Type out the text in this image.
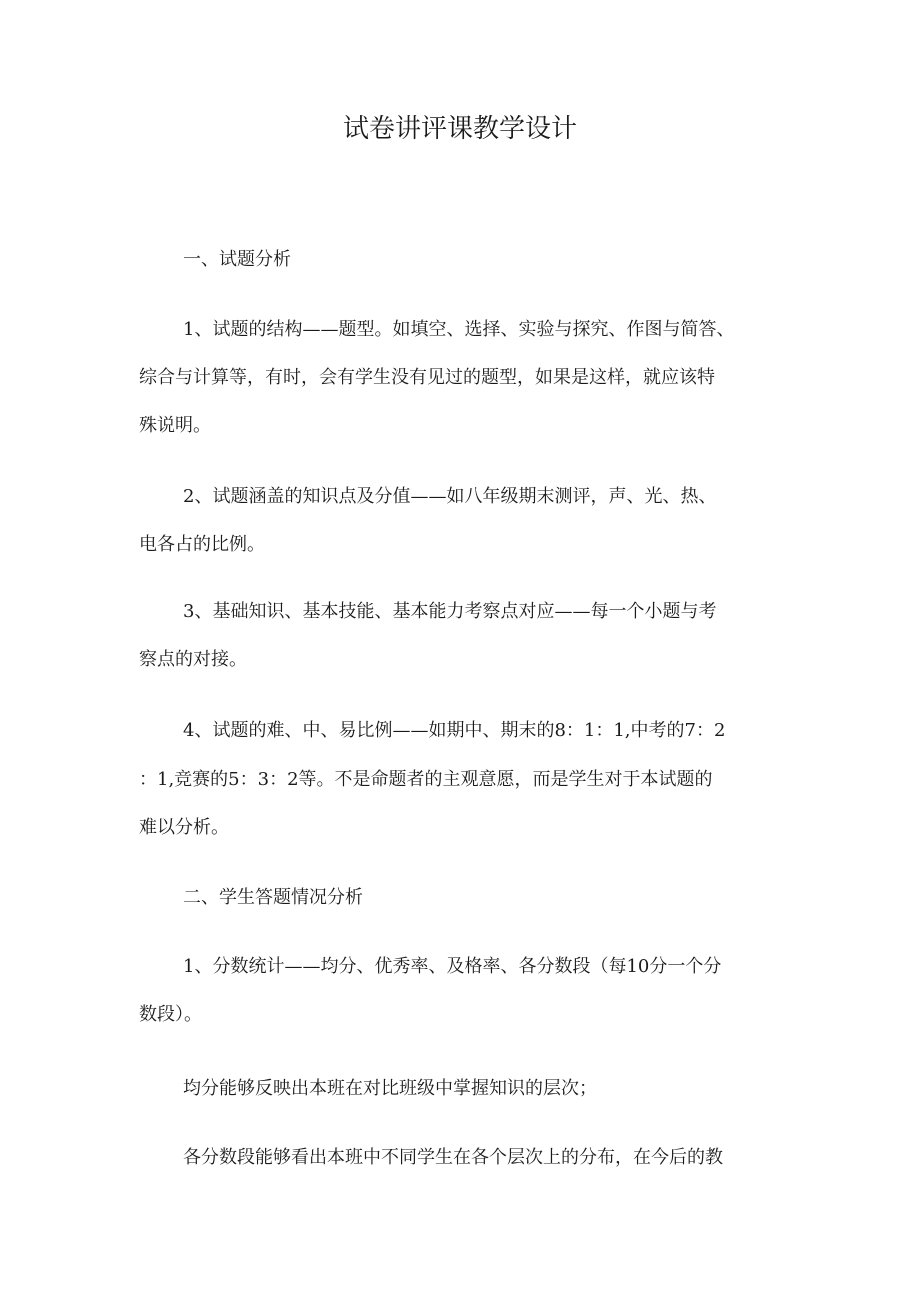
试卷讲评课教学设计
一、试题分析
1、试题的结构——题型。如填空、选择、实验与探究、作图与简答、
综合与计算等，有时，会有学生没有见过的题型，如果是这样，就应该特
殊说明。
2、试题涵盖的知识点及分值——如八年级期末测评，声、光、热、
电各占的比例。
3、基础知识、基本技能、基本能力考察点对应——每一个小题与考
察点的对接。
4、试题的难、中、易比例——如期中、期末的8：1：1,中考的7：2
：1,竞赛的5：3：2等。不是命题者的主观意愿，而是学生对于本试题的
难以分析。
二、学生答题情况分析
1、分数统计——均分、优秀率、及格率、各分数段（每10分一个分
数段）。
均分能够反映出本班在对比班级中掌握知识的层次；
各分数段能够看出本班中不同学生在各个层次上的分布，在今后的教
